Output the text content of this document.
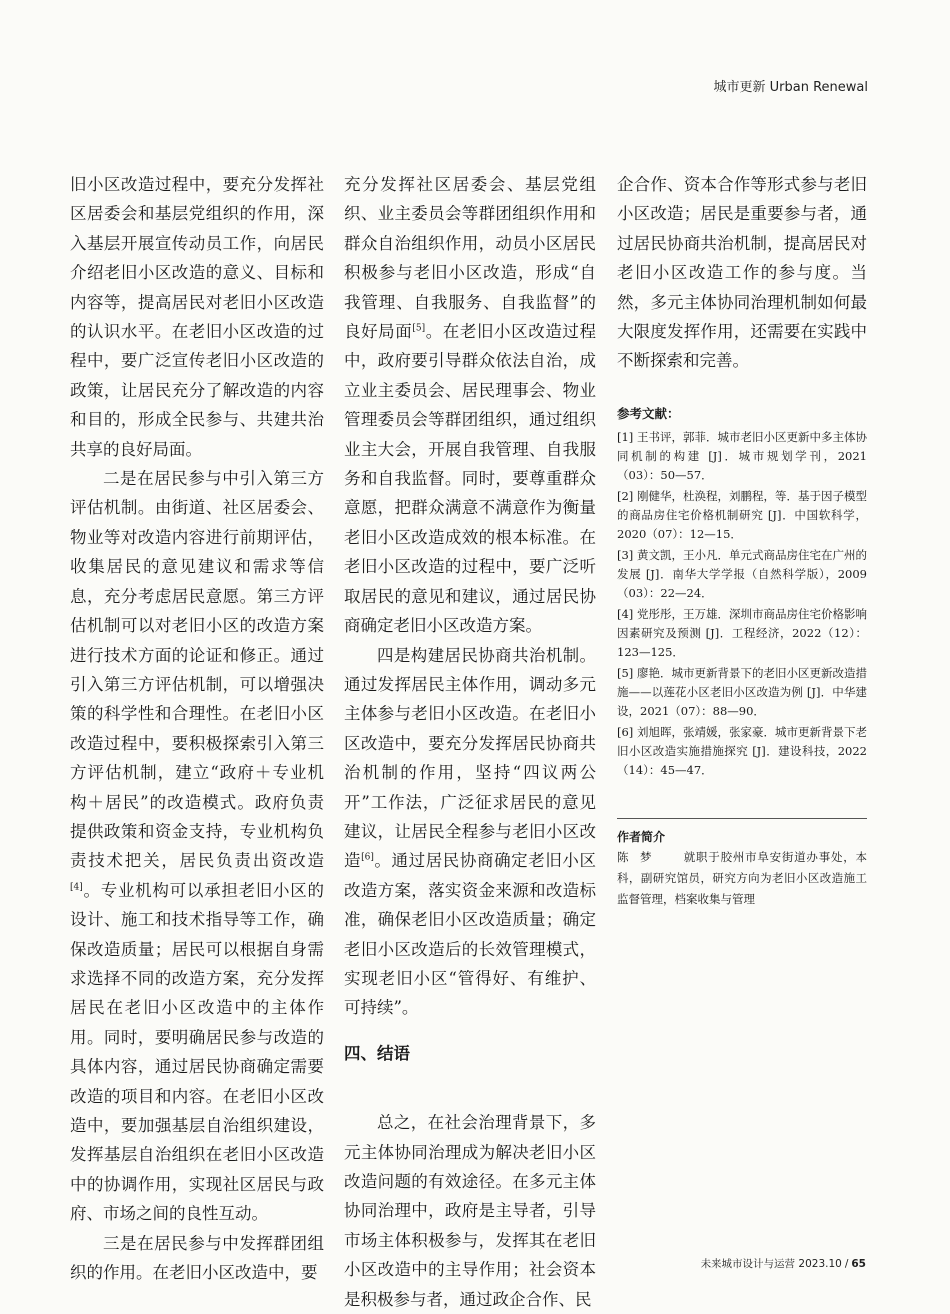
城市更新 Urban Renewal

旧小区改造过程中，要充分发挥社区居委会和基层党组织的作用，深入基层开展宣传动员工作，向居民介绍老旧小区改造的意义、目标和内容等，提高居民对老旧小区改造的认识水平。在老旧小区改造的过程中，要广泛宣传老旧小区改造的政策，让居民充分了解改造的内容和目的，形成全民参与、共建共治共享的良好局面。

二是在居民参与中引入第三方评估机制。由街道、社区居委会、物业等对改造内容进行前期评估，收集居民的意见建议和需求等信息，充分考虑居民意愿。第三方评估机制可以对老旧小区的改造方案进行技术方面的论证和修正。通过引入第三方评估机制，可以增强决策的科学性和合理性。在老旧小区改造过程中，要积极探索引入第三方评估机制，建立“政府＋专业机构＋居民”的改造模式。政府负责提供政策和资金支持，专业机构负责技术把关，居民负责出资改造[4]。专业机构可以承担老旧小区的设计、施工和技术指导等工作，确保改造质量；居民可以根据自身需求选择不同的改造方案，充分发挥居民在老旧小区改造中的主体作用。同时，要明确居民参与改造的具体内容，通过居民协商确定需要改造的项目和内容。在老旧小区改造中，要加强基层自治组织建设，发挥基层自治组织在老旧小区改造中的协调作用，实现社区居民与政府、市场之间的良性互动。

三是在居民参与中发挥群团组织的作用。在老旧小区改造中，要

充分发挥社区居委会、基层党组织、业主委员会等群团组织作用和群众自治组织作用，动员小区居民积极参与老旧小区改造，形成“自我管理、自我服务、自我监督”的良好局面[5]。在老旧小区改造过程中，政府要引导群众依法自治，成立业主委员会、居民理事会、物业管理委员会等群团组织，通过组织业主大会，开展自我管理、自我服务和自我监督。同时，要尊重群众意愿，把群众满意不满意作为衡量老旧小区改造成效的根本标准。在老旧小区改造的过程中，要广泛听取居民的意见和建议，通过居民协商确定老旧小区改造方案。

四是构建居民协商共治机制。通过发挥居民主体作用，调动多元主体参与老旧小区改造。在老旧小区改造中，要充分发挥居民协商共治机制的作用，坚持“四议两公开”工作法，广泛征求居民的意见建议，让居民全程参与老旧小区改造[6]。通过居民协商确定老旧小区改造方案，落实资金来源和改造标准，确保老旧小区改造质量；确定老旧小区改造后的长效管理模式，实现老旧小区“管得好、有维护、可持续”。

四、结语

总之，在社会治理背景下，多元主体协同治理成为解决老旧小区改造问题的有效途径。在多元主体协同治理中，政府是主导者，引导市场主体积极参与，发挥其在老旧小区改造中的主导作用；社会资本是积极参与者，通过政企合作、民

企合作、资本合作等形式参与老旧小区改造；居民是重要参与者，通过居民协商共治机制，提高居民对老旧小区改造工作的参与度。当然，多元主体协同治理机制如何最大限度发挥作用，还需要在实践中不断探索和完善。

参考文献：
[1] 王书评，郭菲．城市老旧小区更新中多主体协同机制的构建 [J]．城市规划学刊，2021（03）：50—57．
[2] 刚健华，杜涣程，刘鹏程，等．基于因子模型的商品房住宅价格机制研究 [J]．中国软科学，2020（07）：12—15．
[3] 黄文凯，王小凡．单元式商品房住宅在广州的发展 [J]．南华大学学报（自然科学版），2009（03）：22—24．
[4] 党彤彤，王万雄．深圳市商品房住宅价格影响因素研究及预测 [J]．工程经济，2022（12）：123—125．
[5] 廖艳．城市更新背景下的老旧小区更新改造措施——以莲花小区老旧小区改造为例 [J]．中华建设，2021（07）：88—90．
[6] 刘旭晖，张靖媛，张家豪．城市更新背景下老旧小区改造实施措施探究 [J]．建设科技，2022（14）：45—47．
作者简介
陈　梦	就职于胶州市阜安街道办事处，本科，副研究馆员，研究方向为老旧小区改造施工监督管理，档案收集与管理
未来城市设计与运营 2023.10 / 65
